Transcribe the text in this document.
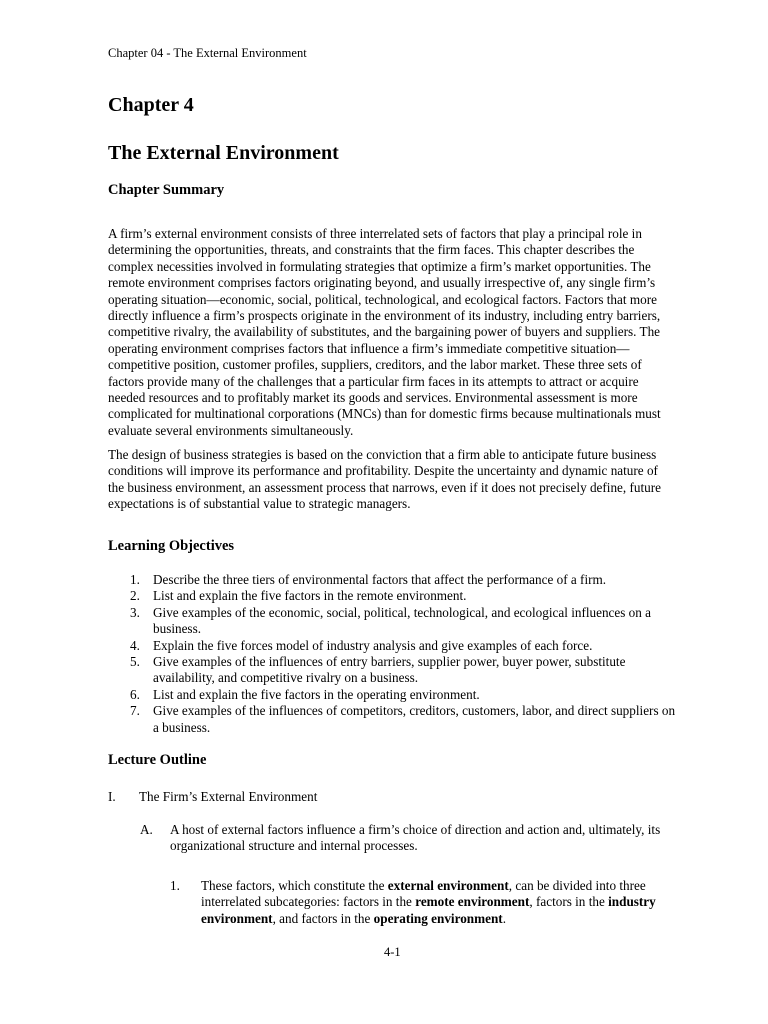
Chapter 04 - The External Environment
Chapter 4
The External Environment
Chapter Summary

A firm’s external environment consists of three interrelated sets of factors that play a principal role in determining the opportunities, threats, and constraints that the firm faces. This chapter describes the complex necessities involved in formulating strategies that optimize a firm’s market opportunities. The remote environment comprises factors originating beyond, and usually irrespective of, any single firm’s operating situation—economic, social, political, technological, and ecological factors. Factors that more directly influence a firm’s prospects originate in the environment of its industry, including entry barriers, competitive rivalry, the availability of substitutes, and the bargaining power of buyers and suppliers. The operating environment comprises factors that influence a firm’s immediate competitive situation—competitive position, customer profiles, suppliers, creditors, and the labor market. These three sets of factors provide many of the challenges that a particular firm faces in its attempts to attract or acquire needed resources and to profitably market its goods and services. Environmental assessment is more complicated for multinational corporations (MNCs) than for domestic firms because multinationals must evaluate several environments simultaneously.

The design of business strategies is based on the conviction that a firm able to anticipate future business conditions will improve its performance and profitability. Despite the uncertainty and dynamic nature of the business environment, an assessment process that narrows, even if it does not precisely define, future expectations is of substantial value to strategic managers.

Learning Objectives
1. Describe the three tiers of environmental factors that affect the performance of a firm.
2. List and explain the five factors in the remote environment.
3. Give examples of the economic, social, political, technological, and ecological influences on a business.
4. Explain the five forces model of industry analysis and give examples of each force.
5. Give examples of the influences of entry barriers, supplier power, buyer power, substitute availability, and competitive rivalry on a business.
6. List and explain the five factors in the operating environment.
7. Give examples of the influences of competitors, creditors, customers, labor, and direct suppliers on a business.
Lecture Outline
I. The Firm’s External Environment
A. A host of external factors influence a firm’s choice of direction and action and, ultimately, its organizational structure and internal processes.
1. These factors, which constitute the external environment, can be divided into three interrelated subcategories: factors in the remote environment, factors in the industry environment, and factors in the operating environment.
4-1
